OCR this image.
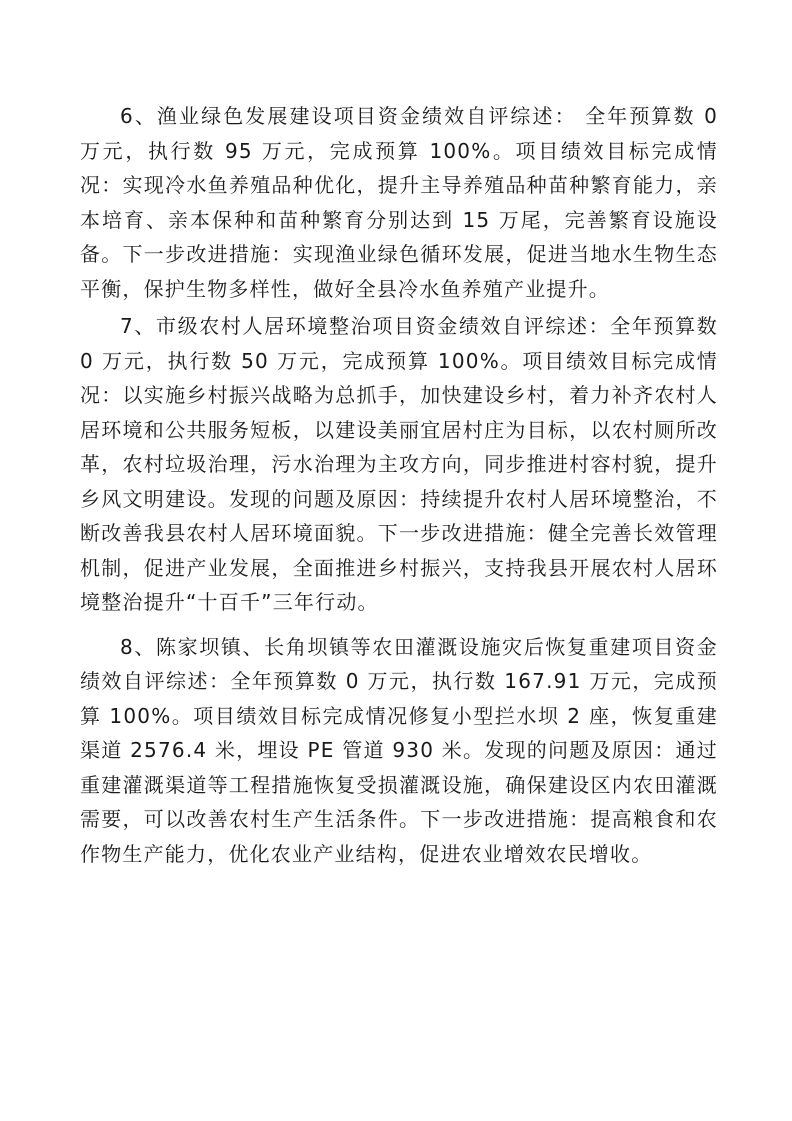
6、渔业绿色发展建设项目资金绩效自评综述： 全年预算数 0 万元，执行数 95 万元，完成预算 100%。项目绩效目标完成情况：实现冷水鱼养殖品种优化，提升主导养殖品种苗种繁育能力，亲本培育、亲本保种和苗种繁育分别达到 15 万尾，完善繁育设施设备。下一步改进措施：实现渔业绿色循环发展，促进当地水生物生态平衡，保护生物多样性，做好全县冷水鱼养殖产业提升。

7、市级农村人居环境整治项目资金绩效自评综述：全年预算数 0 万元，执行数 50 万元，完成预算 100%。项目绩效目标完成情况：以实施乡村振兴战略为总抓手，加快建设乡村，着力补齐农村人居环境和公共服务短板，以建设美丽宜居村庄为目标，以农村厕所改革，农村垃圾治理，污水治理为主攻方向，同步推进村容村貌，提升乡风文明建设。发现的问题及原因：持续提升农村人居环境整治，不断改善我县农村人居环境面貌。下一步改进措施：健全完善长效管理机制，促进产业发展，全面推进乡村振兴，支持我县开展农村人居环境整治提升“十百千”三年行动。

8、陈家坝镇、长角坝镇等农田灌溉设施灾后恢复重建项目资金绩效自评综述：全年预算数 0 万元，执行数 167.91 万元，完成预算 100%。项目绩效目标完成情况修复小型拦水坝 2 座，恢复重建渠道 2576.4 米，埋设 PE 管道 930 米。发现的问题及原因：通过重建灌溉渠道等工程措施恢复受损灌溉设施，确保建设区内农田灌溉需要，可以改善农村生产生活条件。下一步改进措施：提高粮食和农作物生产能力，优化农业产业结构，促进农业增效农民增收。
